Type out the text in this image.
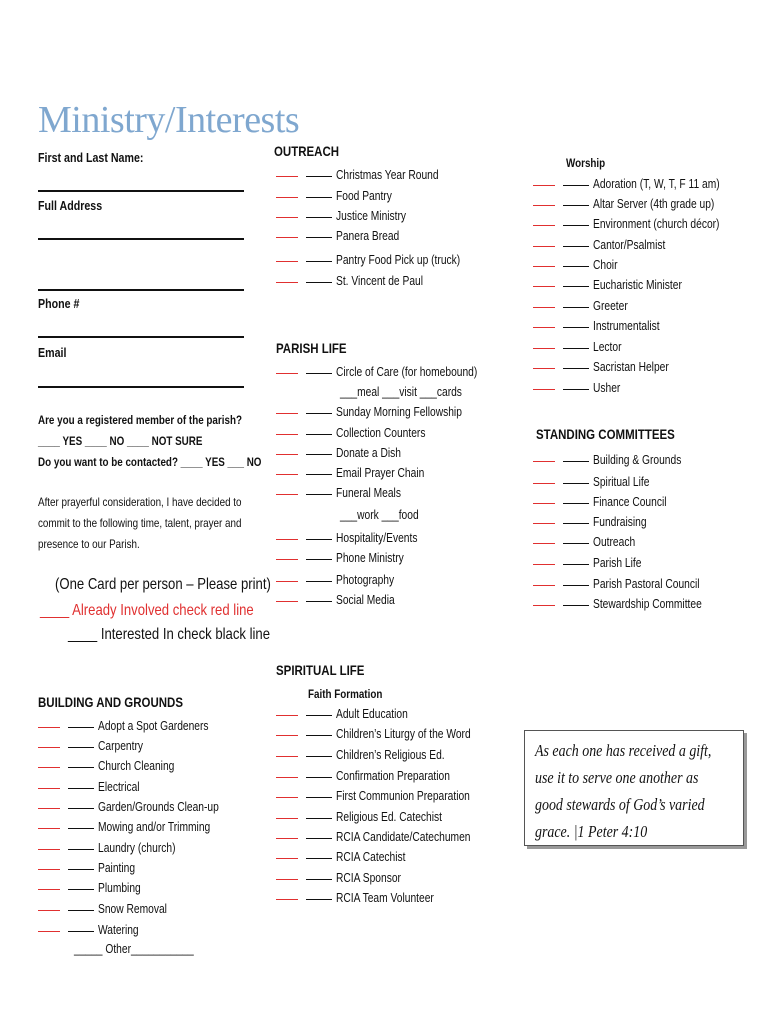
Ministry/Interests
First and Last Name:
Full Address
Phone #
Email
Are you a registered member of the parish?
____ YES ____ NO ____ NOT SURE
Do you want to be contacted? ____ YES ___ NO
After prayerful consideration, I have decided to
commit to the following time, talent, prayer and
presence to our Parish.
(One Card per person – Please print)
____ Already Involved check red line
____ Interested In check black line
OUTREACH
Christmas Year Round
Food Pantry
Justice Ministry
Panera Bread
Pantry Food Pick up (truck)
St. Vincent de Paul
PARISH LIFE
Circle of Care (for homebound)
Sunday Morning Fellowship
Collection Counters
Donate a Dish
Email Prayer Chain
Funeral Meals
Hospitality/Events
Phone Ministry
Photography
Social Media
___meal ___visit ___cards
___work ___food
SPIRITUAL LIFE
Faith Formation
Adult Education
Children’s Liturgy of the Word
Children’s Religious Ed.
Confirmation Preparation
First Communion Preparation
Religious Ed. Catechist
RCIA Candidate/Catechumen
RCIA Catechist
RCIA Sponsor
RCIA Team Volunteer
Worship
Adoration (T, W, T, F 11 am)
Altar Server (4th grade up)
Environment (church décor)
Cantor/Psalmist
Choir
Eucharistic Minister
Greeter
Instrumentalist
Lector
Sacristan Helper
Usher
STANDING COMMITTEES
Building & Grounds
Spiritual Life
Finance Council
Fundraising
Outreach
Parish Life
Parish Pastoral Council
Stewardship Committee
BUILDING AND GROUNDS
Adopt a Spot Gardeners
Carpentry
Church Cleaning
Electrical
Garden/Grounds Clean-up
Mowing and/or Trimming
Laundry (church)
Painting
Plumbing
Snow Removal
Watering
_____ Other___________
As each one has received a gift, use it to serve one another as good stewards of God’s varied grace. |1 Peter 4:10
